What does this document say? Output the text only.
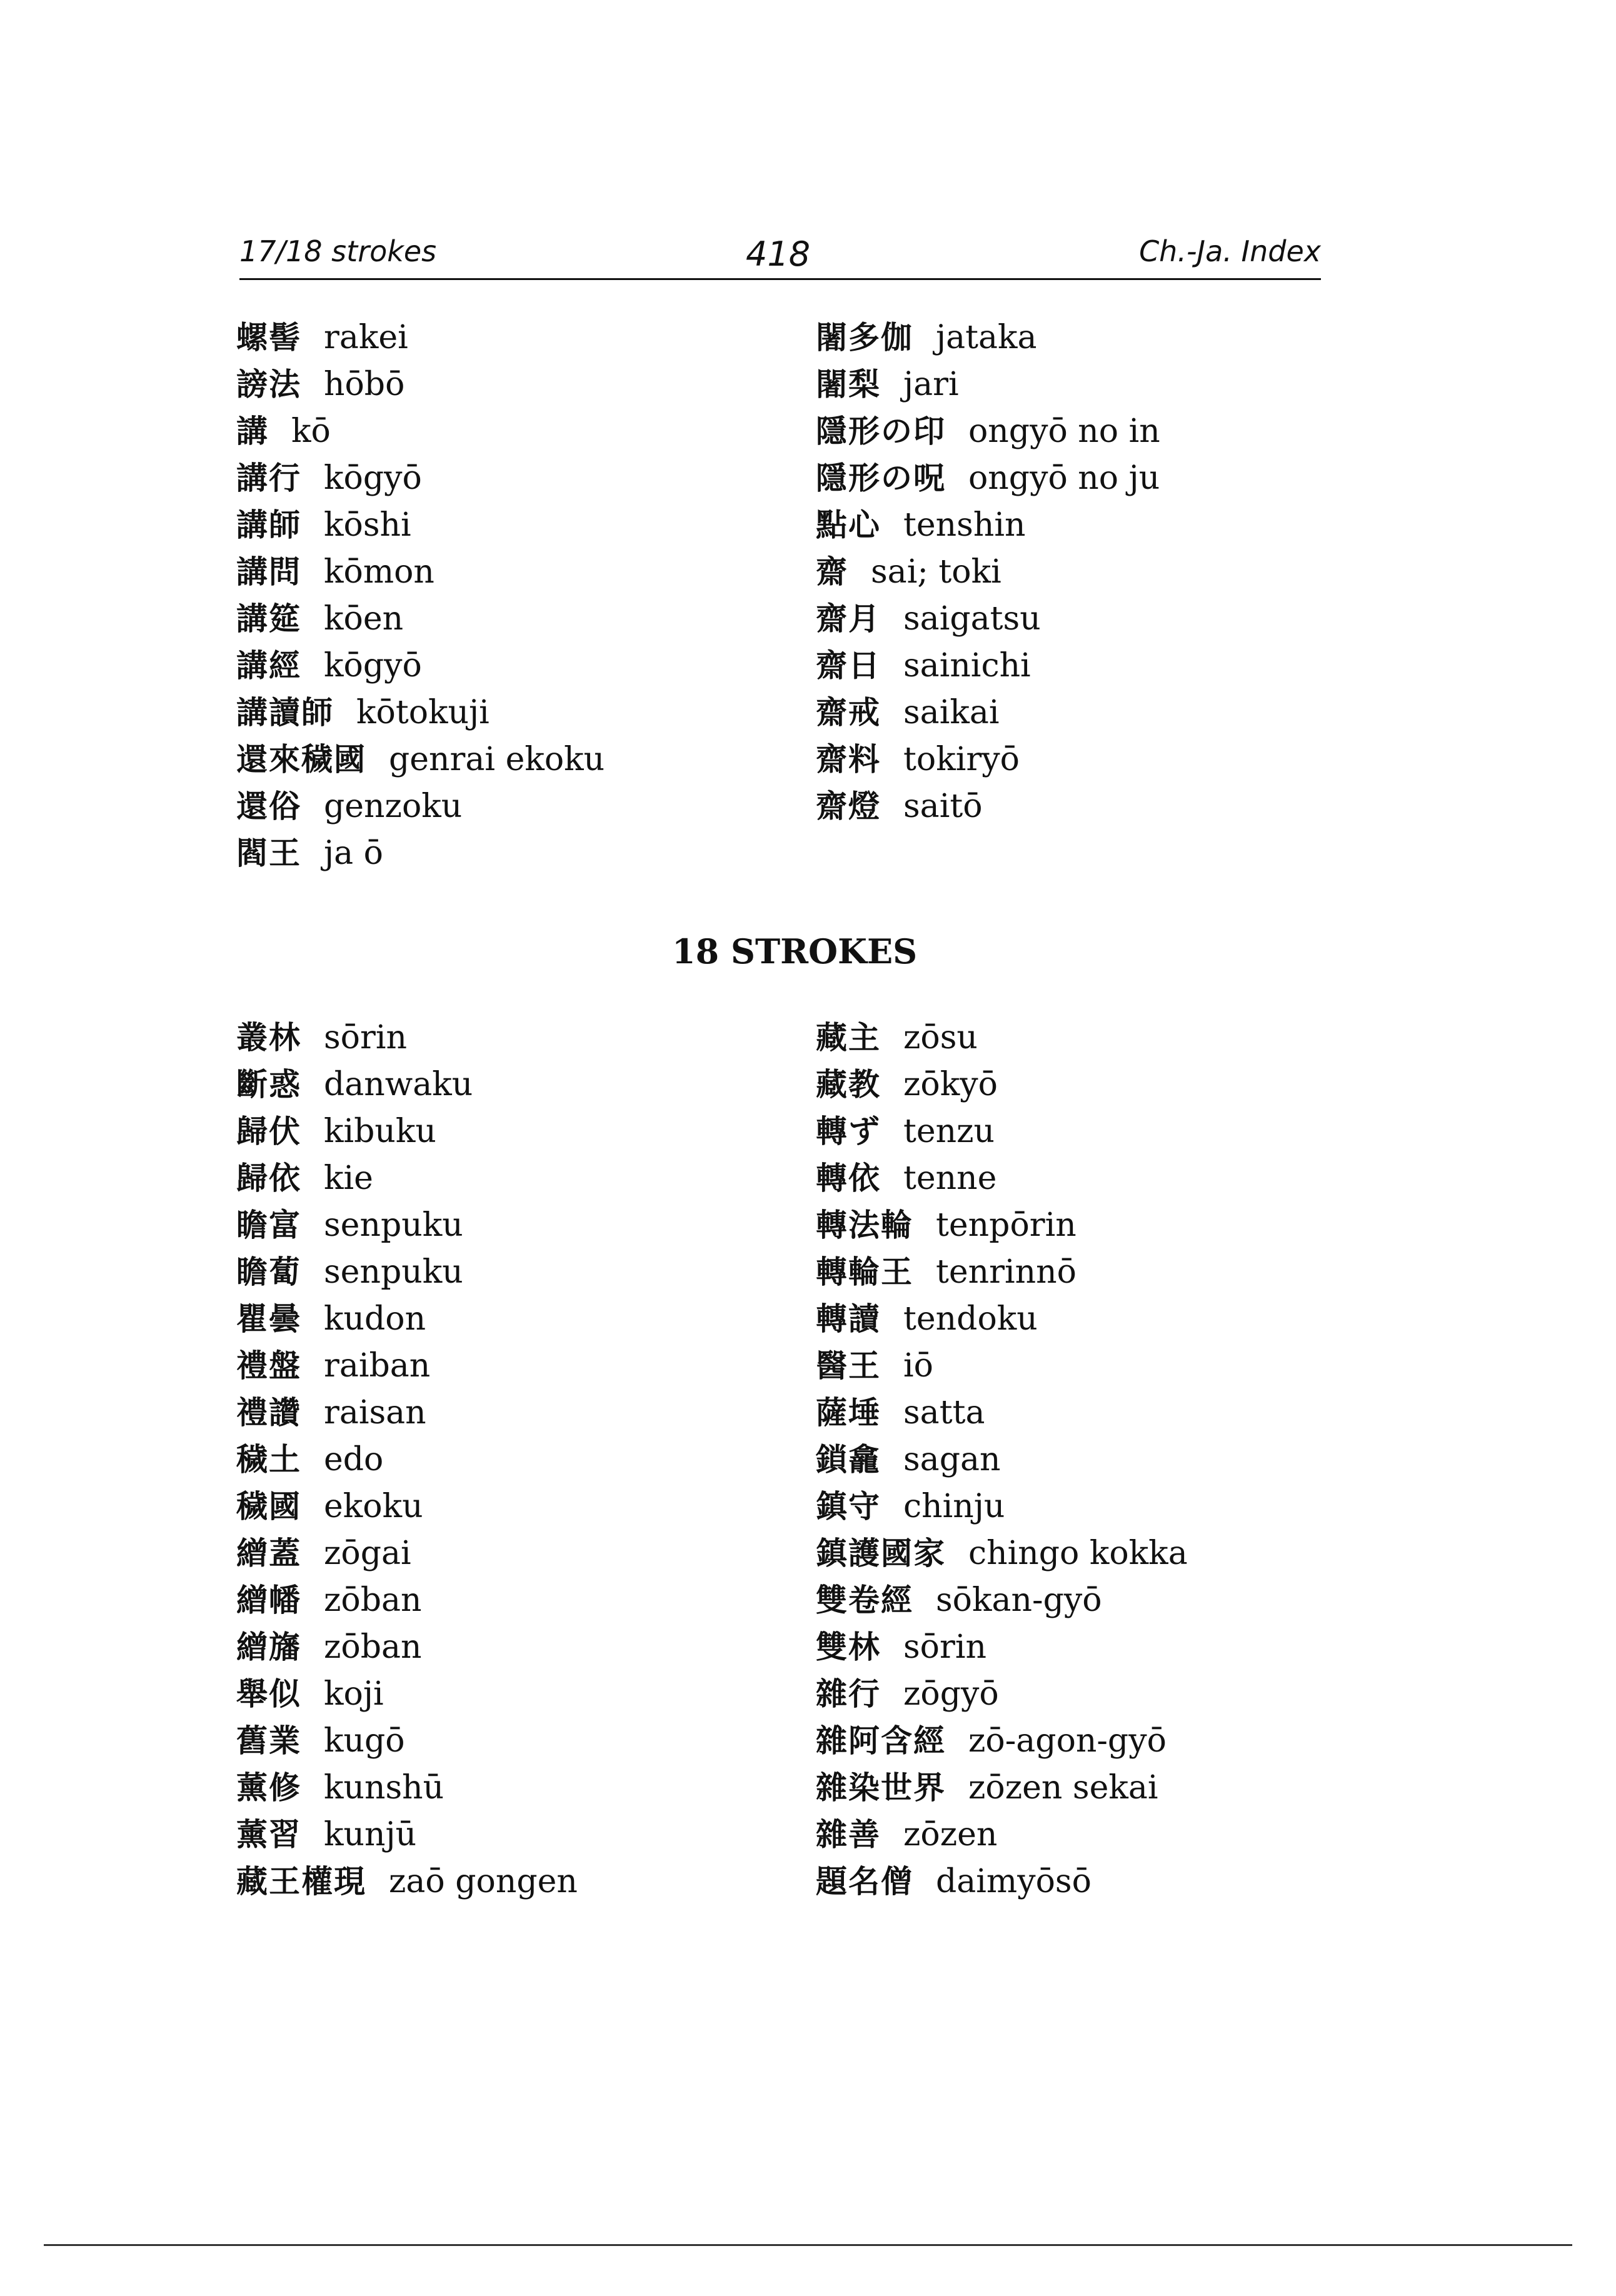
17/18 strokes	418	Ch.-Ja. Index
螺髻 rakei
謗法 hōbō
講 kō
講行 kōgyō
講師 kōshi
講問 kōmon
講筵 kōen
講經 kōgyō
講讀師 kōtokuji
還來穢國 genrai ekoku
還俗 genzoku
閻王 ja ō
闍多伽 jataka
闍梨 jari
隱形の印 ongyō no in
隱形の呪 ongyō no ju
點心 tenshin
齋 sai; toki
齋月 saigatsu
齋日 sainichi
齋戒 saikai
齋料 tokiryō
齋燈 saitō
18 STROKES
叢林 sōrin
斷惑 danwaku
歸伏 kibuku
歸依 kie
瞻富 senpuku
瞻蔔 senpuku
瞿曇 kudon
禮盤 raiban
禮讚 raisan
穢土 edo
穢國 ekoku
繒蓋 zōgai
繒幡 zōban
繒旛 zōban
舉似 koji
舊業 kugō
薰修 kunshū
薰習 kunjū
藏王權現 zaō gongen
藏主 zōsu
藏教 zōkyō
轉ず tenzu
轉依 tenne
轉法輪 tenpōrin
轉輪王 tenrinnō
轉讀 tendoku
醫王 iō
薩埵 satta
鎖龕 sagan
鎮守 chinju
鎮護國家 chingo kokka
雙卷經 sōkan-gyō
雙林 sōrin
雜行 zōgyō
雜阿含經 zō-agon-gyō
雜染世界 zōzen sekai
雜善 zōzen
題名僧 daimyōsō
